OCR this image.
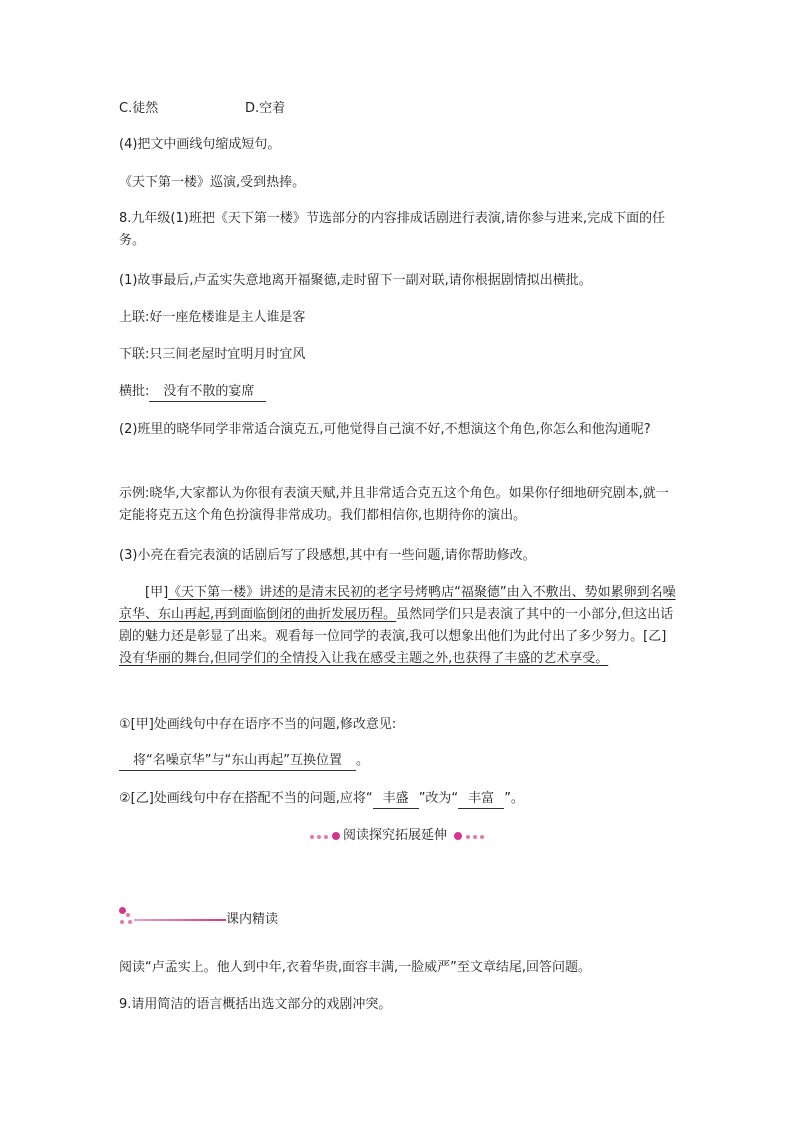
C.徒然	D.空着
(4)把文中画线句缩成短句。
《天下第一楼》巡演,受到热捧。
8.九年级(1)班把《天下第一楼》节选部分的内容排成话剧进行表演,请你参与进来,完成下面的任务。
(1)故事最后,卢孟实失意地离开福聚德,走时留下一副对联,请你根据剧情拟出横批。
上联:好一座危楼谁是主人谁是客
下联:只三间老屋时宜明月时宜风
横批: 没有不散的宴席
(2)班里的晓华同学非常适合演克五,可他觉得自己演不好,不想演这个角色,你怎么和他沟通呢?
示例:晓华,大家都认为你很有表演天赋,并且非常适合克五这个角色。如果你仔细地研究剧本,就一定能将克五这个角色扮演得非常成功。我们都相信你,也期待你的演出。
(3)小亮在看完表演的话剧后写了段感想,其中有一些问题,请你帮助修改。
[甲]《天下第一楼》讲述的是清末民初的老字号烤鸭店“福聚德”由入不敷出、势如累卵到名噪京华、东山再起,再到面临倒闭的曲折发展历程。虽然同学们只是表演了其中的一小部分,但这出话剧的魅力还是彰显了出来。观看每一位同学的表演,我可以想象出他们为此付出了多少努力。[乙]没有华丽的舞台,但同学们的全情投入让我在感受主题之外,也获得了丰盛的艺术享受。
①[甲]处画线句中存在语序不当的问题,修改意见:
将“名噪京华”与“东山再起”互换位置 。
②[乙]处画线句中存在搭配不当的问题,应将“ 丰盛 ”改为“ 丰富 ”。
阅读探究拓展延伸
课内精读
阅读“卢孟实上。他人到中年,衣着华贵,面容丰满,一脸威严”至文章结尾,回答问题。
9.请用简洁的语言概括出选文部分的戏剧冲突。
